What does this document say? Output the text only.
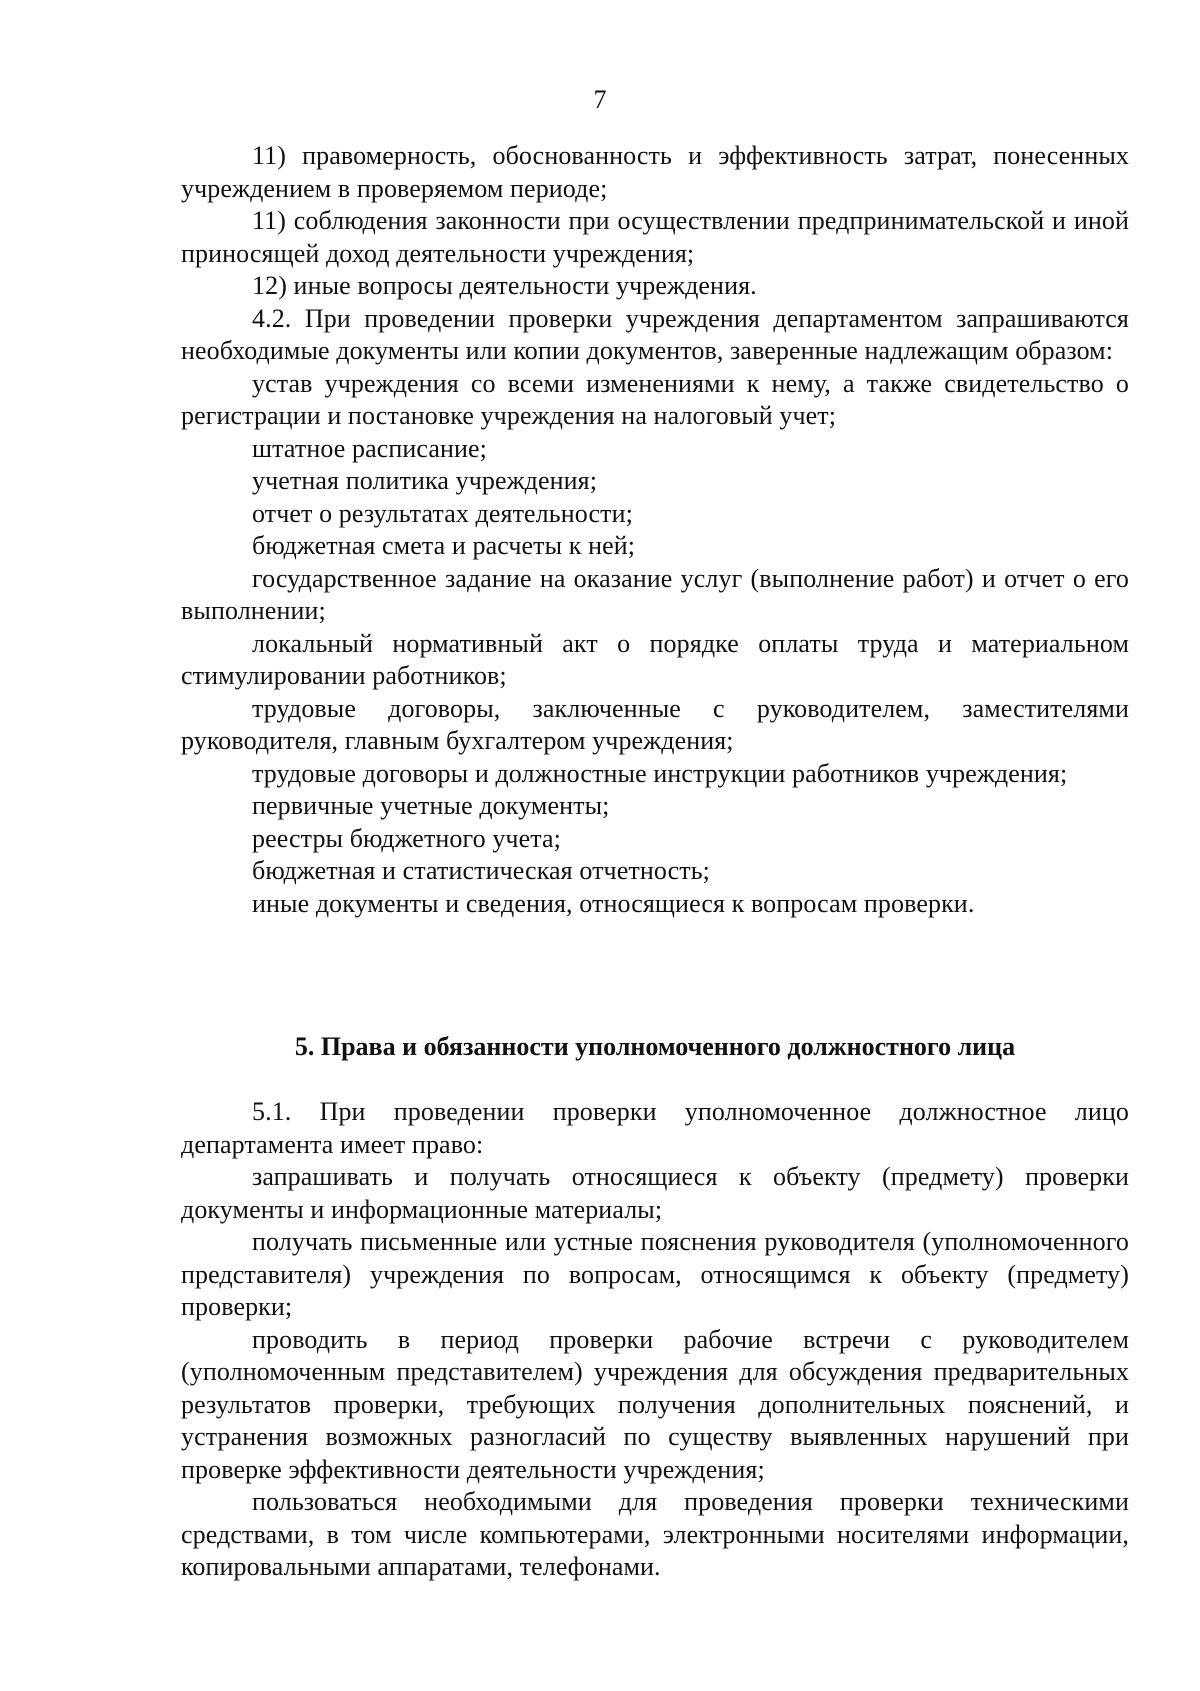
7

11) правомерность, обоснованность и эффективность затрат, понесенных учреждением в проверяемом периоде;

11) соблюдения законности при осуществлении предпринимательской и иной приносящей доход деятельности учреждения;

12) иные вопросы деятельности учреждения.

4.2. При проведении проверки учреждения департаментом запрашиваются необходимые документы или копии документов, заверенные надлежащим образом:

устав учреждения со всеми изменениями к нему, а также свидетельство о регистрации и постановке учреждения на налоговый учет;

штатное расписание;

учетная политика учреждения;

отчет о результатах деятельности;

бюджетная смета и расчеты к ней;

государственное задание на оказание услуг (выполнение работ) и отчет о его выполнении;

локальный нормативный акт о порядке оплаты труда и материальном стимулировании работников;

трудовые договоры, заключенные с руководителем, заместителями руководителя, главным бухгалтером учреждения;

трудовые договоры и должностные инструкции работников учреждения;

первичные учетные документы;

реестры бюджетного учета;

бюджетная и статистическая отчетность;

иные документы и сведения, относящиеся к вопросам проверки.

5. Права и обязанности уполномоченного должностного лица

5.1. При проведении проверки уполномоченное должностное лицо департамента имеет право:

запрашивать и получать относящиеся к объекту (предмету) проверки документы и информационные материалы;

получать письменные или устные пояснения руководителя (уполномоченного представителя) учреждения по вопросам, относящимся к объекту (предмету) проверки;

проводить в период проверки рабочие встречи с руководителем (уполномоченным представителем) учреждения для обсуждения предварительных результатов проверки, требующих получения дополнительных пояснений, и устранения возможных разногласий по существу выявленных нарушений при проверке эффективности деятельности учреждения;

пользоваться необходимыми для проведения проверки техническими средствами, в том числе компьютерами, электронными носителями информации, копировальными аппаратами, телефонами.
